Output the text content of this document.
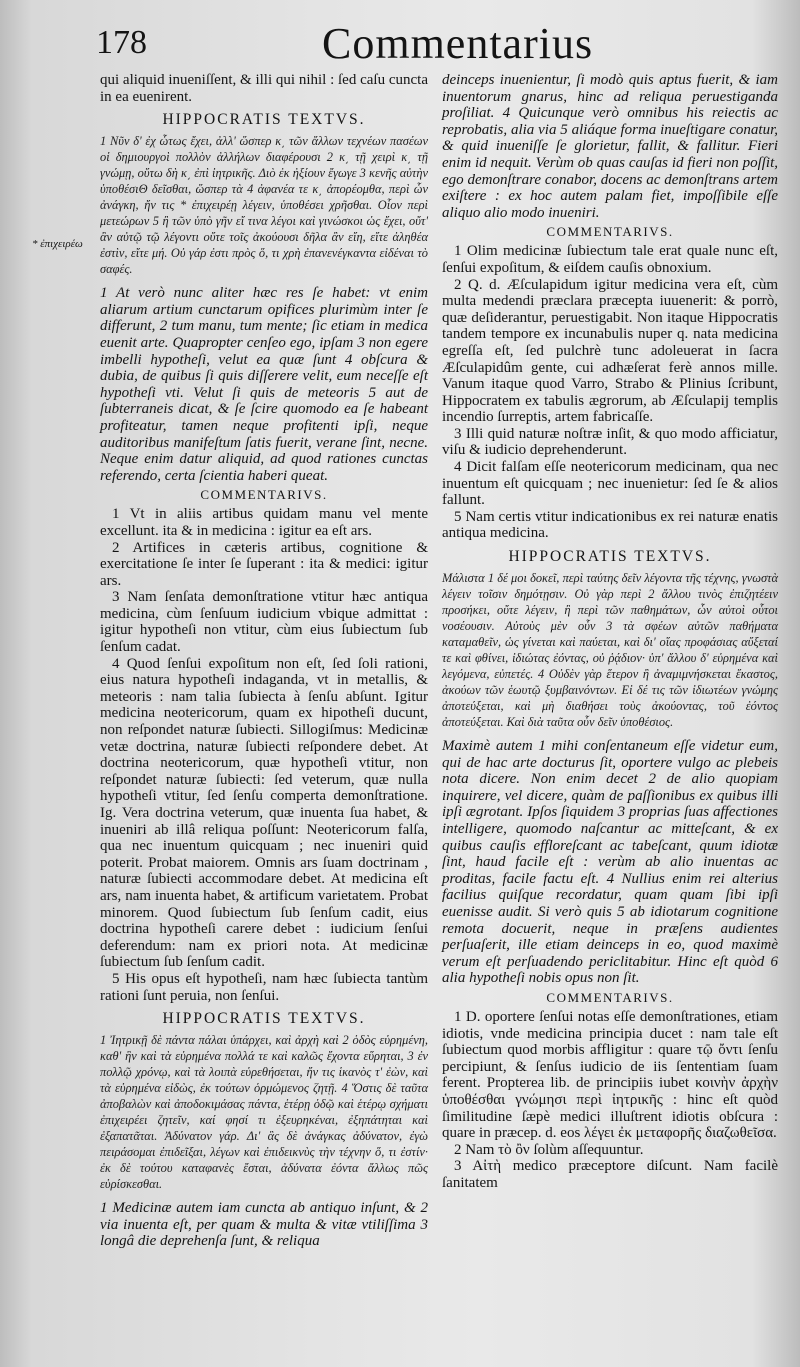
178	Commentarius
* ἐπιχειρέω

qui aliquid inueniſſent, & illi qui nihil : ſed caſu cuncta in ea euenirent.

HIPPOCRATIS TEXTVS.

1 Νῦν δ' ἐχ ὧτως ἔχει, ἀλλ' ὥσπερ κ͵ τῶν ἄλλων τεχνέων πασέων οἱ δημιουργοὶ πολλὸν ἀλλήλων διαφέρουσι 2 κ͵ τῇ χειρὶ κ͵ τῇ γνώμῃ, οὕτω δὴ κ͵ ἐπὶ ἰητρικῆς. Διὸ ἐκ ἠξίουν ἔγωγε 3 κενῆς αὐτὴν ὑποθέσιΘ δεῖσθαι, ὥσπερ τὰ 4 ἀφανέα τε κ͵ ἀπορέομθα, περὶ ὧν ἀνάγκη, ἤν τις * ἐπιχειρέῃ λέγειν, ὑποθέσει χρῆσθαι. Οἷον περὶ μετεώρων 5 ἢ τῶν ὑπὸ γῆν εἴ τινα λέγοι καὶ γινώσκοι ὡς ἔχει, οὔτ' ἂν αὐτῷ τῷ λέγοντι οὔτε τοῖς ἀκούουσι δῆλα ἂν εἴη, εἴτε ἀληθέα ἐστὶν, εἴτε μή. Οὐ γάρ ἐστι πρὸς ὅ, τι χρὴ ἐπανενέγκαντα εἰδέναι τὸ σαφές.

1 At verò nunc aliter hæc res ſe habet: vt enim aliarum artium cunctarum opifices plurimùm inter ſe differunt, 2 tum manu, tum mente; ſic etiam in medica euenit arte. Quapropter cenſeo ego, ipſam 3 non egere imbelli hypotheſi, velut ea quæ ſunt 4 obſcura & dubia, de quibus ſi quis diſſerere velit, eum neceſſe eſt hypotheſi vti. Velut ſi quis de meteoris 5 aut de ſubterraneis dicat, & ſe ſcire quomodo ea ſe habeant profiteatur, tamen neque profitenti ipſi, neque auditoribus manifeſtum ſatis fuerit, verane ſint, necne. Neque enim datur aliquid, ad quod rationes cunctas referendo, certa ſcientia haberi queat.

COMMENTARIVS.

1 Vt in aliis artibus quidam manu vel mente excellunt. ita & in medicina : igitur ea eſt ars.

2 Artifices in cæteris artibus, cognitione & exercitatione ſe inter ſe ſuperant : ita & medici: igitur ars.

3 Nam ſenſata demonſtratione vtitur hæc antiqua medicina, cùm ſenſuum iudicium vbique admittat : igitur hypotheſi non vtitur, cùm eius ſubiectum ſub ſenſum cadat.

4 Quod ſenſui expoſitum non eſt, ſed ſoli rationi, eius natura hypotheſi indaganda, vt in metallis, & meteoris : nam talia ſubiecta à ſenſu abſunt. Igitur medicina neotericorum, quam ex hipotheſi ducunt, non reſpondet naturæ ſubiecti. Sillogiſmus: Medicinæ vetæ doctrina, naturæ ſubiecti reſpondere debet. At doctrina neotericorum, quæ hypotheſi vtitur, non reſpondet naturæ ſubiecti: ſed veterum, quæ nulla hypotheſi vtitur, ſed ſenſu comperta demonſtratione. Ig. Vera doctrina veterum, quæ inuenta ſua habet, & inueniri ab illâ reliqua poſſunt: Neotericorum falſa, qua nec inuentum quicquam ; nec inueniri quid poterit. Probat maiorem. Omnis ars ſuam doctrinam , naturæ ſubiecti accommodare debet. At medicina eſt ars, nam inuenta habet, & artificum varietatem. Probat minorem. Quod ſubiectum ſub ſenſum cadit, eius doctrina hypotheſi carere debet : iudicium ſenſui deferendum: nam ex priori nota. At medicinæ ſubiectum ſub ſenſum cadit.

5 His opus eſt hypotheſi, nam hæc ſubiecta tantùm rationi ſunt peruia, non ſenſui.

HIPPOCRATIS TEXTVS.

1 Ἰητρικῇ δὲ πάντα πάλαι ὑπάρχει, καὶ ἀρχὴ καὶ 2 ὁδὸς εὑρημένη, καθ' ἣν καὶ τὰ εὑρημένα πολλά τε καὶ καλῶς ἔχοντα εὕρηται, 3 ἐν πολλῷ χρόνῳ, καὶ τὰ λοιπὰ εὑρεθήσεται, ἤν τις ἱκανὸς τ' ἐὼν, καὶ τὰ εὑρημένα εἰδὼς, ἐκ τούτων ὁρμώμενος ζητῇ. 4 Ὅστις δὲ ταῦτα ἀποβαλὼν καὶ ἀποδοκιμάσας πάντα, ἑτέρῃ ὁδῷ καὶ ἑτέρῳ σχήματι ἐπιχειρέει ζητεῖν, καί φησί τι ἐξευρηκέναι, ἐξηπάτηται καὶ ἐξαπατᾶται. Ἀδύνατον γάρ. Δι' ἃς δὲ ἀνάγκας ἀδύνατον, ἐγὼ πειράσομαι ἐπιδεῖξαι, λέγων καὶ ἐπιδεικνὺς τὴν τέχνην ὅ, τι ἐστίν· ἐκ δὲ τούτου καταφανὲς ἔσται, ἀδύνατα ἐόντα ἄλλως πῶς εὑρίσκεσθαι.

1 Medicinæ autem iam cuncta ab antiquo inſunt, & 2 via inuenta eſt, per quam & multa & vitæ vtiliſſima 3 longâ die deprehenſa ſunt, & reliqua

deinceps inuenientur, ſi modò quis aptus fuerit, & iam inuentorum gnarus, hinc ad reliqua peruestiganda proſiliat. 4 Quicunque verò omnibus his reiectis ac reprobatis, alia via 5 aliáque forma inueſtigare conatur, & quid inueniſſe ſe glorietur, fallit, & fallitur. Fieri enim id nequit. Verùm ob quas cauſas id fieri non poſſit, ego demonſtrare conabor, docens ac demonſtrans artem exiſtere : ex hoc autem palam fiet, impoſſibile eſſe aliquo alio modo inueniri.

COMMENTARIVS.

1 Olim medicinæ ſubiectum tale erat quale nunc eſt, ſenſui expoſitum, & eiſdem cauſis obnoxium.

2 Q. d. Æſculapidum igitur medicina vera eſt, cùm multa medendi præclara præcepta iuuenerit: & porrò, quæ deſiderantur, peruestigabit. Non itaque Hippocratis tandem tempore ex incunabulis nuper q. nata medicina egreſſa eſt, ſed pulchrè tunc adoleuerat in ſacra Æſculapidûm gente, cui adhæſerat ferè annos mille. Vanum itaque quod Varro, Strabo & Plinius ſcribunt, Hippocratem ex tabulis ægrorum, ab Æſculapij templis incendio ſurreptis, artem fabricaſſe.

3 Illi quid naturæ noſtræ inſit, & quo modo afficiatur, viſu & iudicio deprehenderunt.

4 Dicit falſam eſſe neotericorum medicinam, qua nec inuentum eſt quicquam ; nec inuenietur: ſed ſe & alios fallunt.

5 Nam certis vtitur indicationibus ex rei naturæ enatis antiqua medicina.

HIPPOCRATIS TEXTVS.

Μάλιστα 1 δέ μοι δοκεῖ, περὶ ταύτης δεῖν λέγοντα τῆς τέχνης, γνωστὰ λέγειν τοῖσιν δημότῃσιν. Οὐ γὰρ περὶ 2 ἄλλου τινὸς ἐπιζητέειν προσήκει, οὔτε λέγειν, ἢ περὶ τῶν παθημάτων, ὧν αὐτοὶ οὗτοι νοσέουσιν. Αὐτοὺς μὲν οὖν 3 τὰ σφέων αὐτῶν παθήματα καταμαθεῖν, ὡς γίνεται καὶ παύεται, καὶ δι' οἵας προφάσιας αὔξεταί τε καὶ φθίνει, ἰδιώτας ἐόντας, οὐ ῥᾴδιον· ὑπ' ἄλλου δ' εὑρημένα καὶ λεγόμενα, εὐπετές. 4 Οὐδὲν γὰρ ἕτερον ἢ ἀναμιμνήσκεται ἕκαστος, ἀκούων τῶν ἑωυτῷ ξυμβαινόντων. Εἰ δέ τις τῶν ἰδιωτέων γνώμης ἀποτεύξεται, καὶ μὴ διαθήσει τοὺς ἀκούοντας, τοῦ ἐόντος ἀποτεύξεται. Καὶ διὰ ταῦτα οὖν δεῖν ὑποθέσιος.

Maximè autem 1 mihi conſentaneum eſſe videtur eum, qui de hac arte docturus ſit, oportere vulgo ac plebeis nota dicere. Non enim decet 2 de alio quopiam inquirere, vel dicere, quàm de paſſionibus ex quibus illi ipſi ægrotant. Ipſos ſiquidem 3 proprias ſuas affectiones intelligere, quomodo naſcantur ac mitteſcant, & ex quibus cauſis effloreſcant ac tabeſcant, quum idiotæ ſint, haud facile eſt : verùm ab alio inuentas ac proditas, facile factu eſt. 4 Nullius enim rei alterius facilius quiſque recordatur, quam quam ſibi ipſi euenisse audit. Si verò quis 5 ab idiotarum cognitione remota docuerit, neque in præſens audientes perſuaſerit, ille etiam deinceps in eo, quod maximè verum eſt perſuadendo periclitabitur. Hinc eſt quòd 6 alia hypotheſi nobis opus non ſit.

COMMENTARIVS.

1 D. oportere ſenſui notas eſſe demonſtrationes, etiam idiotis, vnde medicina principia ducet : nam tale eſt ſubiectum quod morbis affligitur : quare τῷ ὄντι ſenſu percipiunt, & ſenſus iudicio de iis ſententiam ſuam ferent. Propterea lib. de principiis iubet κοινὴν ἀρχὴν ὑποθέσθαι γνώμησι περὶ ἰητρικῆς : hinc eſt quòd ſimilitudine ſæpè medici illuſtrent idiotis obſcura : quare in præcep. d. eos λέγει ἐκ μεταφορῆς διαζωθεῖσα.

2 Nam τὸ ὂν ſolùm aſſequuntur.

3 Αἰτὴ medico præceptore diſcunt. Nam facilè ſanitatem
